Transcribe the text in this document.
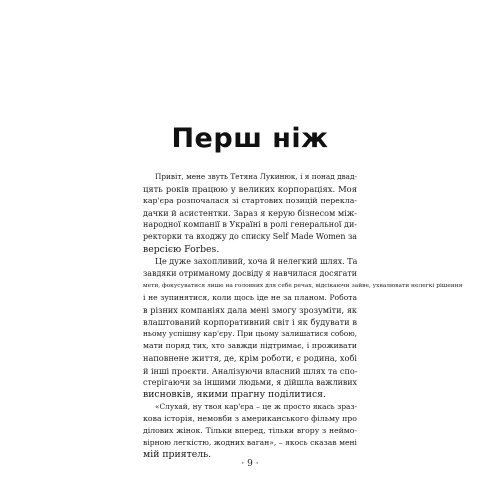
Перш ніж
Привіт, мене звуть Тетяна Лукинюк, і я понад двад-
цять років працюю у великих корпораціях. Моя
кар'єра розпочалася зі стартових позицій перекла-
дачки й асистентки. Зараз я керую бізнесом між-
народної компанії в Україні в ролі генеральної ди-
ректорки та входжу до списку Self Made Women за
версією Forbes.
Це дуже захопливий, хоча й нелегкий шлях. Та
завдяки отриманому досвіду я навчилася досягати
мети, фокусуватися лише на головних для себе речах, відсікаючи зайве, ухвалювати нелегкі рішення
і не зупинятися, коли щось іде не за планом. Робота
в різних компаніях дала мені змогу зрозуміти, як
влаштований корпоративний світ і як будувати в
ньому успішну кар'єру. При цьому залишатися собою,
мати поряд тих, хто завжди підтримає, і проживати
наповнене життя, де, крім роботи, є родина, хобі
й інші проєкти. Аналізуючи власний шлях та спо-
стерігаючи за іншими людьми, я дійшла важливих
висновків, якими прагну поділитися.
«Слухай, ну твоя кар'єра – це ж просто якась зраз-
кова історія, немовби з американського фільму про
ділових жінок. Тільки вперед, тільки вгору з неймо-
вірною легкістю, жодних ваган», – якось сказав мені
мій приятель.
· 9 ·
